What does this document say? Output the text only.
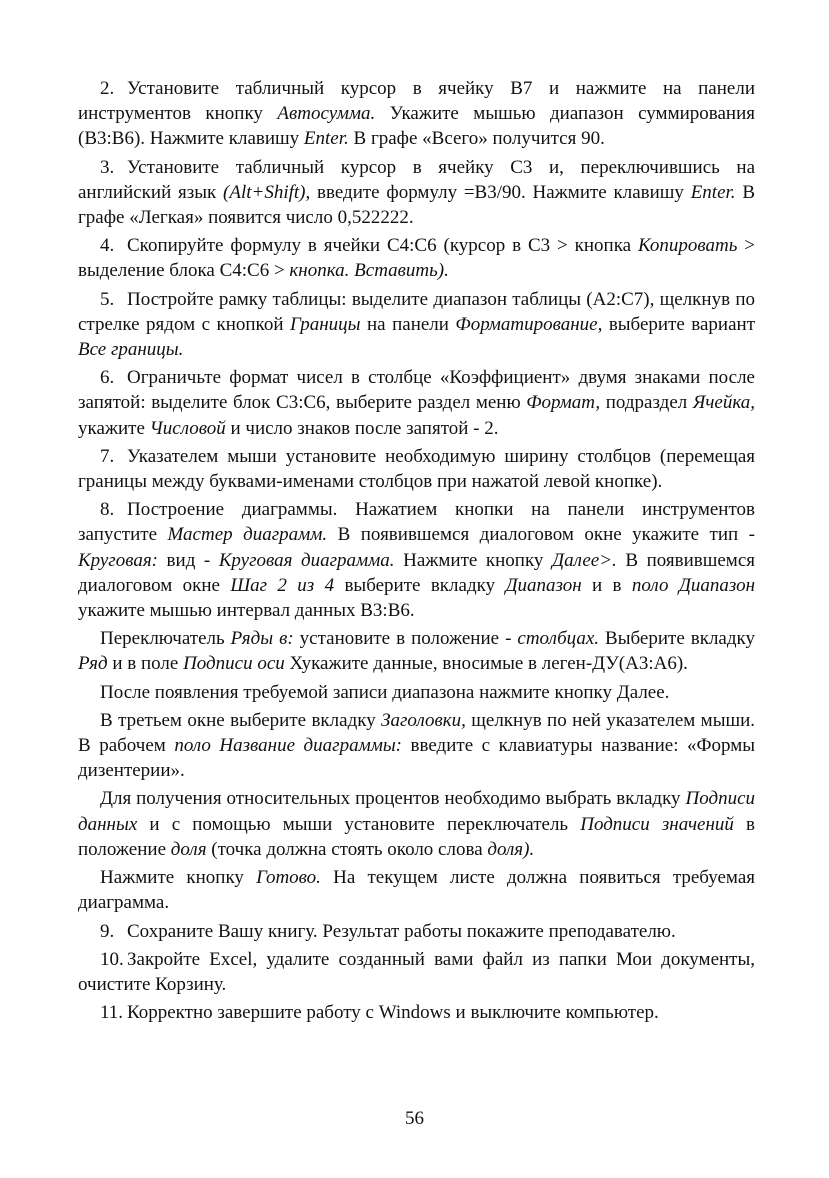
2. Установите табличный курсор в ячейку В7 и нажмите на панели инструментов кнопку Автосумма. Укажите мышью диапазон суммирования (В3:В6). Нажмите клавишу Enter. В графе «Всего» получится 90.

3. Установите табличный курсор в ячейку С3 и, переключившись на английский язык (Alt+Shift), введите формулу =В3/90. Нажмите клавишу Enter. В графе «Легкая» появится число 0,522222.

4. Скопируйте формулу в ячейки С4:С6 (курсор в С3 > кнопка Копировать > выделение блока С4:С6 > кнопка. Вставить).

5. Постройте рамку таблицы: выделите диапазон таблицы (А2:С7), щелкнув по стрелке рядом с кнопкой Границы на панели Форматирование, выберите вариант Все границы.

6. Ограничьте формат чисел в столбце «Коэффициент» двумя знаками после запятой: выделите блок С3:С6, выберите раздел меню Формат, подраздел Ячейка, укажите Числовой и число знаков после запятой - 2.

7. Указателем мыши установите необходимую ширину столбцов (перемещая границы между буквами-именами столбцов при нажатой левой кнопке).

8. Построение диаграммы. Нажатием кнопки на панели инструментов запустите Мастер диаграмм. В появившемся диалоговом окне укажите тип - Круговая: вид - Круговая диаграмма. Нажмите кнопку Далее>. В появившемся диалоговом окне Шаг 2 из 4 выберите вкладку Диапазон и в поло Диапазон укажите мышью интервал данных В3:В6.

Переключатель Ряды в: установите в положение - столбцах. Выберите вкладку Ряд и в поле Подписи оси Хукажите данные, вносимые в леген-ДУ(А3:А6).

После появления требуемой записи диапазона нажмите кнопку Далее.

В третьем окне выберите вкладку Заголовки, щелкнув по ней указателем мыши. В рабочем поло Название диаграммы: введите с клавиатуры название: «Формы дизентерии».

Для получения относительных процентов необходимо выбрать вкладку Подписи данных и с помощью мыши установите переключатель Подписи значений в положение доля (точка должна стоять около слова доля).

Нажмите кнопку Готово. На текущем листе должна появиться требуемая диаграмма.

9. Сохраните Вашу книгу. Результат работы покажите преподавателю.

10. Закройте Excel, удалите созданный вами файл из папки Мои документы, очистите Корзину.

11. Корректно завершите работу с Windows и выключите компьютер.

56
